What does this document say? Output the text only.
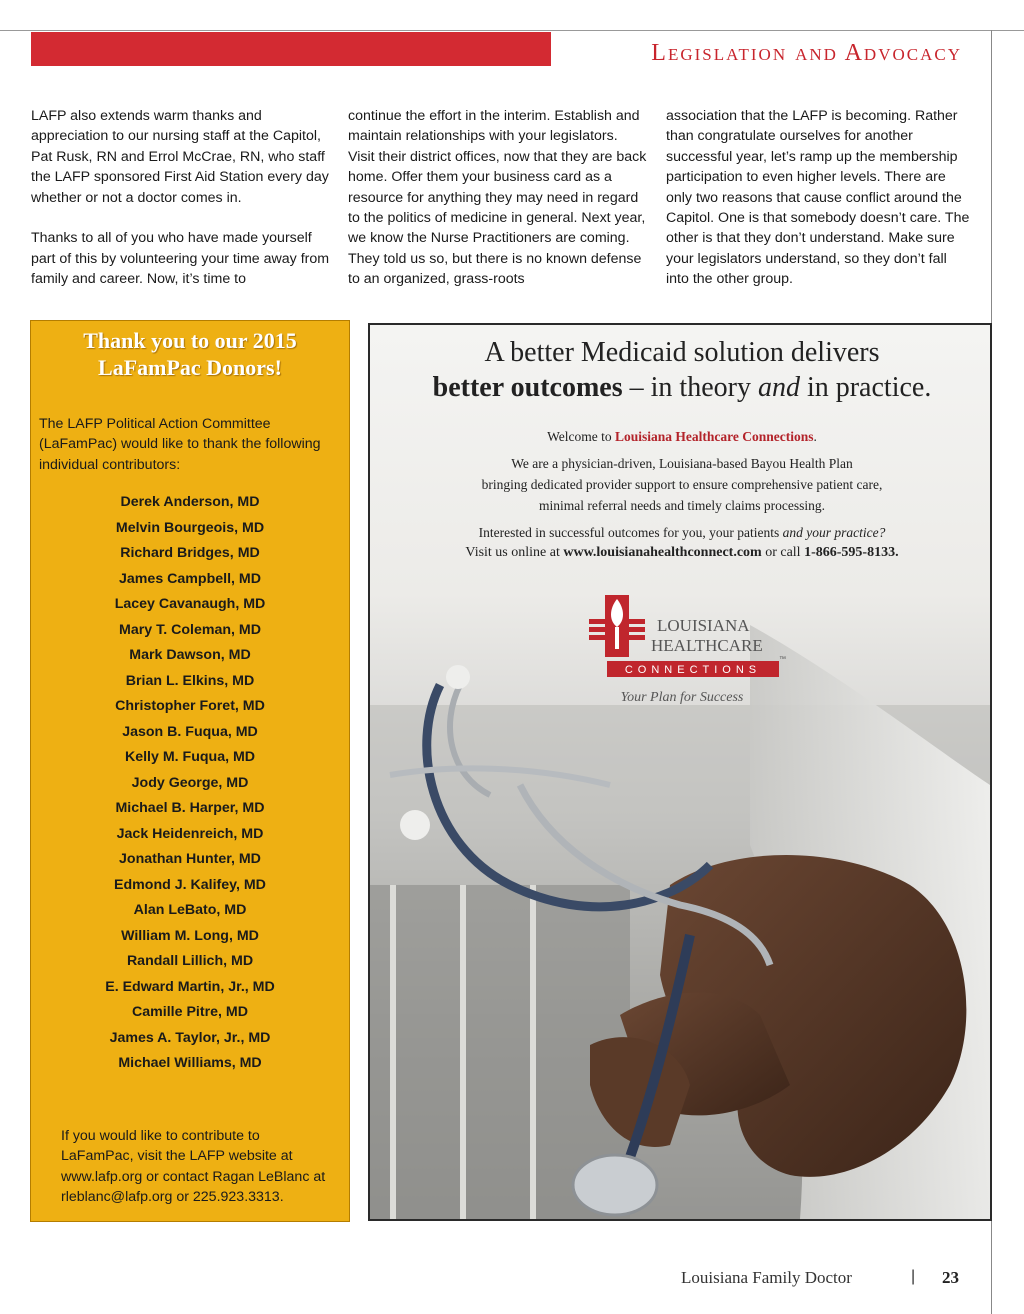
Legislation and Advocacy

LAFP also extends warm thanks and appreciation to our nursing staff at the Capitol, Pat Rusk, RN and Errol McCrae, RN, who staff the LAFP sponsored First Aid Station every day whether or not a doctor comes in.

Thanks to all of you who have made yourself part of this by volunteering your time away from family and career. Now, it’s time to

continue the effort in the interim. Establish and maintain relationships with your legislators. Visit their district offices, now that they are back home. Offer them your business card as a resource for anything they may need in regard to the politics of medicine in general. Next year, we know the Nurse Practitioners are coming. They told us so, but there is no known defense to an organized, grass-roots

association that the LAFP is becoming. Rather than congratulate ourselves for another successful year, let’s ramp up the membership participation to even higher levels. There are only two reasons that cause conflict around the Capitol. One is that somebody doesn’t care. The other is that they don’t understand. Make sure your legislators understand, so they don’t fall into the other group.

Thank you to our 2015
LaFamPac Donors!
The LAFP Political Action Committee (LaFamPac) would like to thank the following individual contributors:
Derek Anderson, MD
Melvin Bourgeois, MD
Richard Bridges, MD
James Campbell, MD
Lacey Cavanaugh, MD
Mary T. Coleman, MD
Mark Dawson, MD
Brian L. Elkins, MD
Christopher Foret, MD
Jason B. Fuqua, MD
Kelly M. Fuqua, MD
Jody George, MD
Michael B. Harper, MD
Jack Heidenreich, MD
Jonathan Hunter, MD
Edmond J. Kalifey, MD
Alan LeBato, MD
William M. Long, MD
Randall Lillich, MD
E. Edward Martin, Jr., MD
Camille Pitre, MD
James A. Taylor, Jr., MD
Michael Williams, MD
If you would like to contribute to LaFamPac, visit the LAFP website at www.lafp.org or contact Ragan LeBlanc at rleblanc@lafp.org or 225.923.3313.
A better Medicaid solution delivers
better outcomes – in theory and in practice.
Welcome to Louisiana Healthcare Connections.
We are a physician-driven, Louisiana-based Bayou Health Plan
bringing dedicated provider support to ensure comprehensive patient care,
minimal referral needs and timely claims processing.
Interested in successful outcomes for you, your patients and your practice?
Visit us online at www.louisianahealthconnect.com or call 1-866-595-8133.
LOUISIANA
HEALTHCARE
CONNECTIONS
™
Your Plan for Success
Louisiana Family Doctor	| 23
